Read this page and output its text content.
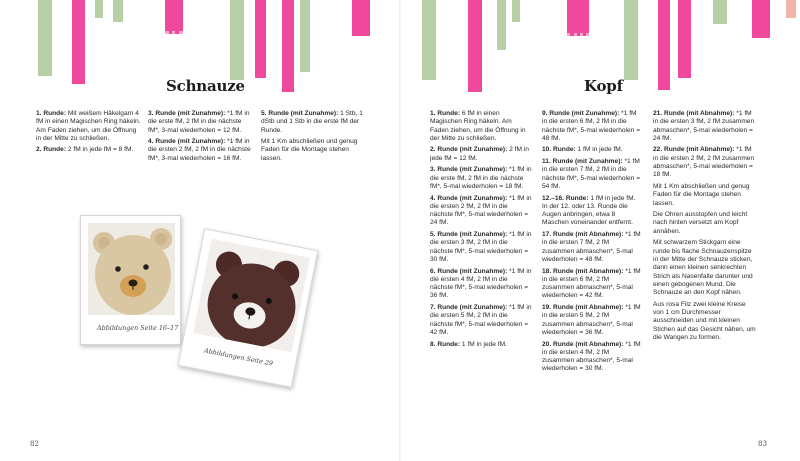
Schnauze

1. Runde: Mit weißem Häkelgarn 4 fM in einen Magischen Ring häkeln. Am Faden ziehen, um die Öffnung in der Mitte zu schließen.

2. Runde: 2 fM in jede fM = 8 fM.

3. Runde (mit Zunahme): *1 fM in die erste fM, 2 fM in die nächste fM*, 3-mal wiederholen = 12 fM.

4. Runde (mit Zunahme): *1 fM in die ersten 2 fM, 2 fM in die nächste fM*, 3-mal wiederholen = 16 fM.

5. Runde (mit Zunahme): 1 Stb, 1 dStb und 1 Stb in die erste fM der Runde.

Mit 1 Km abschließen und genug Faden für die Montage stehen lassen.

Abbildungen Seite 16–17
Abbildungen Seite 29
82
Kopf

1. Runde: 6 fM in einen Magischen Ring häkeln. Am Faden ziehen, um die Öffnung in der Mitte zu schließen.

2. Runde (mit Zunahme): 2 fM in jede fM = 12 fM.

3. Runde (mit Zunahme): *1 fM in die erste fM, 2 fM in die nächste fM*, 5-mal wiederholen = 18 fM.

4. Runde (mit Zunahme): *1 fM in die ersten 2 fM, 2 fM in die nächste fM*, 5-mal wiederholen = 24 fM.

5. Runde (mit Zunahme): *1 fM in die ersten 3 fM, 2 fM in die nächste fM*, 5-mal wiederholen = 30 fM.

6. Runde (mit Zunahme): *1 fM in die ersten 4 fM, 2 fM in die nächste fM*, 5-mal wiederholen = 36 fM.

7. Runde (mit Zunahme): *1 fM in die ersten 5 fM, 2 fM in die nächste fM*, 5-mal wiederholen = 42 fM.

8. Runde: 1 fM in jede fM.

9. Runde (mit Zunahme): *1 fM in die ersten 6 fM, 2 fM in die nächste fM*, 5-mal wiederholen = 48 fM.

10. Runde: 1 fM in jede fM.

11. Runde (mit Zunahme): *1 fM in die ersten 7 fM, 2 fM in die nächste fM*, 5-mal wiederholen = 54 fM.

12.–16. Runde: 1 fM in jede fM. In der 12. oder 13. Runde die Augen anbringen, etwa 8 Maschen voneinander entfernt.

17. Runde (mit Abnahme): *1 fM in die ersten 7 fM, 2 fM zusammen abmaschen*, 5-mal wiederholen = 48 fM.

18. Runde (mit Abnahme): *1 fM in die ersten 6 fM, 2 fM zusammen abmaschen*, 5-mal wiederholen = 42 fM.

19. Runde (mit Abnahme): *1 fM in die ersten 5 fM, 2 fM zusammen abmaschen*, 5-mal wiederholen = 36 fM.

20. Runde (mit Abnahme): *1 fM in die ersten 4 fM, 2 fM zusammen abmaschen*, 5-mal wiederholen = 30 fM.

21. Runde (mit Abnahme): *1 fM in die ersten 3 fM, 2 fM zusammen abmaschen*, 5-mal wiederholen = 24 fM.

22. Runde (mit Abnahme): *1 fM in die ersten 2 fM, 2 fM zusammen abmaschen*, 5-mal wiederholen = 18 fM.

Mit 1 Km abschließen und genug Faden für die Montage stehen lassen.

Die Ohren ausstopfen und leicht nach hinten versetzt am Kopf annähen.

Mit schwarzem Stickgarn eine runde bis flache Schnauzenspitze in der Mitte der Schnauze sticken, dann einen kleinen senkrechten Strich als Nasenfalte darunter und einen gebogenen Mund. Die Schnauze an den Kopf nähen.

Aus rosa Filz zwei kleine Kreise von 1 cm Durchmesser ausschneiden und mit kleinen Stichen auf das Gesicht nähen, um die Wangen zu formen.

83
